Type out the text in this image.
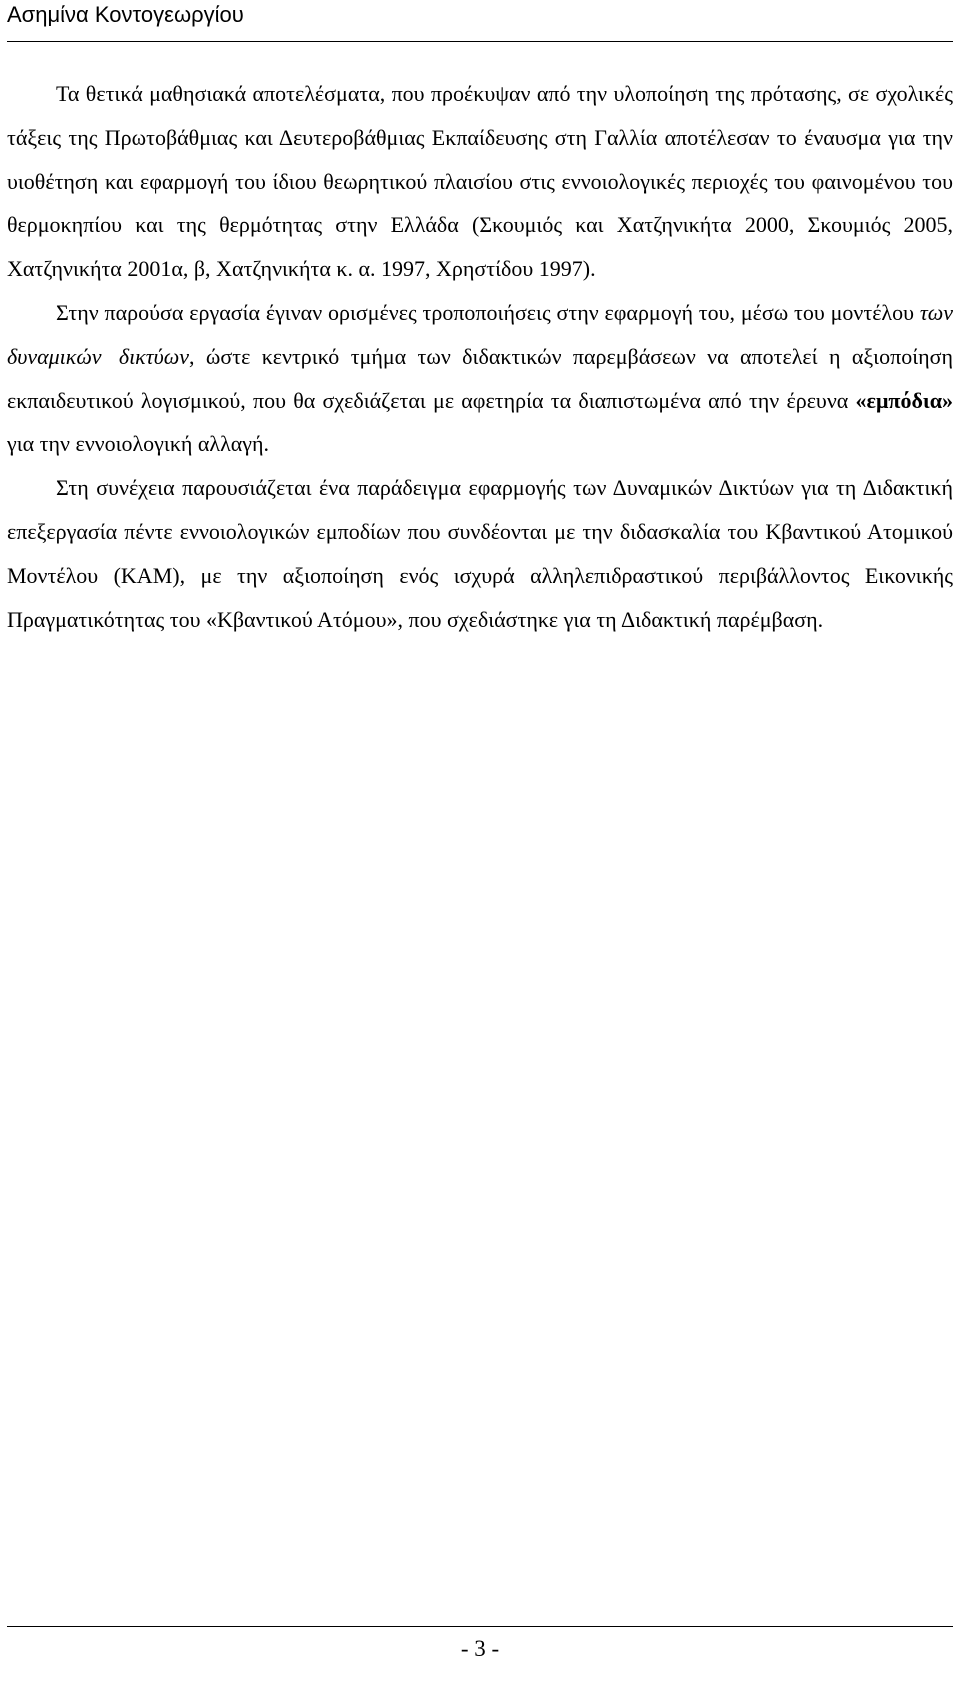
Ασημίνα Κοντογεωργίου

Τα θετικά μαθησιακά αποτελέσματα, που προέκυψαν από την υλοποίηση της πρότασης, σε σχολικές τάξεις της Πρωτοβάθμιας και Δευτεροβάθμιας Εκπαίδευσης στη Γαλλία αποτέλεσαν το έναυσμα για την υιοθέτηση και εφαρμογή του ίδιου θεωρητικού πλαισίου στις εννοιολογικές περιοχές του φαινομένου του θερμοκηπίου και της θερμότητας στην Ελλάδα (Σκουμιός και Χατζηνικήτα 2000, Σκουμιός 2005, Χατζηνικήτα 2001α, β, Χατζηνικήτα κ. α. 1997, Χρηστίδου 1997).

Στην παρούσα εργασία έγιναν ορισμένες τροποποιήσεις στην εφαρμογή του, μέσω του μοντέλου των δυναμικών δικτύων, ώστε κεντρικό τμήμα των διδακτικών παρεμβάσεων να αποτελεί η αξιοποίηση εκπαιδευτικού λογισμικού, που θα σχεδιάζεται με αφετηρία τα διαπιστωμένα από την έρευνα «εμπόδια» για την εννοιολογική αλλαγή.

Στη συνέχεια παρουσιάζεται ένα παράδειγμα εφαρμογής των Δυναμικών Δικτύων για τη Διδακτική επεξεργασία πέντε εννοιολογικών εμποδίων που συνδέονται με την διδασκαλία του Κβαντικού Ατομικού Μοντέλου (ΚΑΜ), με την αξιοποίηση ενός ισχυρά αλληλεπιδραστικού περιβάλλοντος Εικονικής Πραγματικότητας του «Κβαντικού Ατόμου», που σχεδιάστηκε για τη Διδακτική παρέμβαση.

- 3 -
